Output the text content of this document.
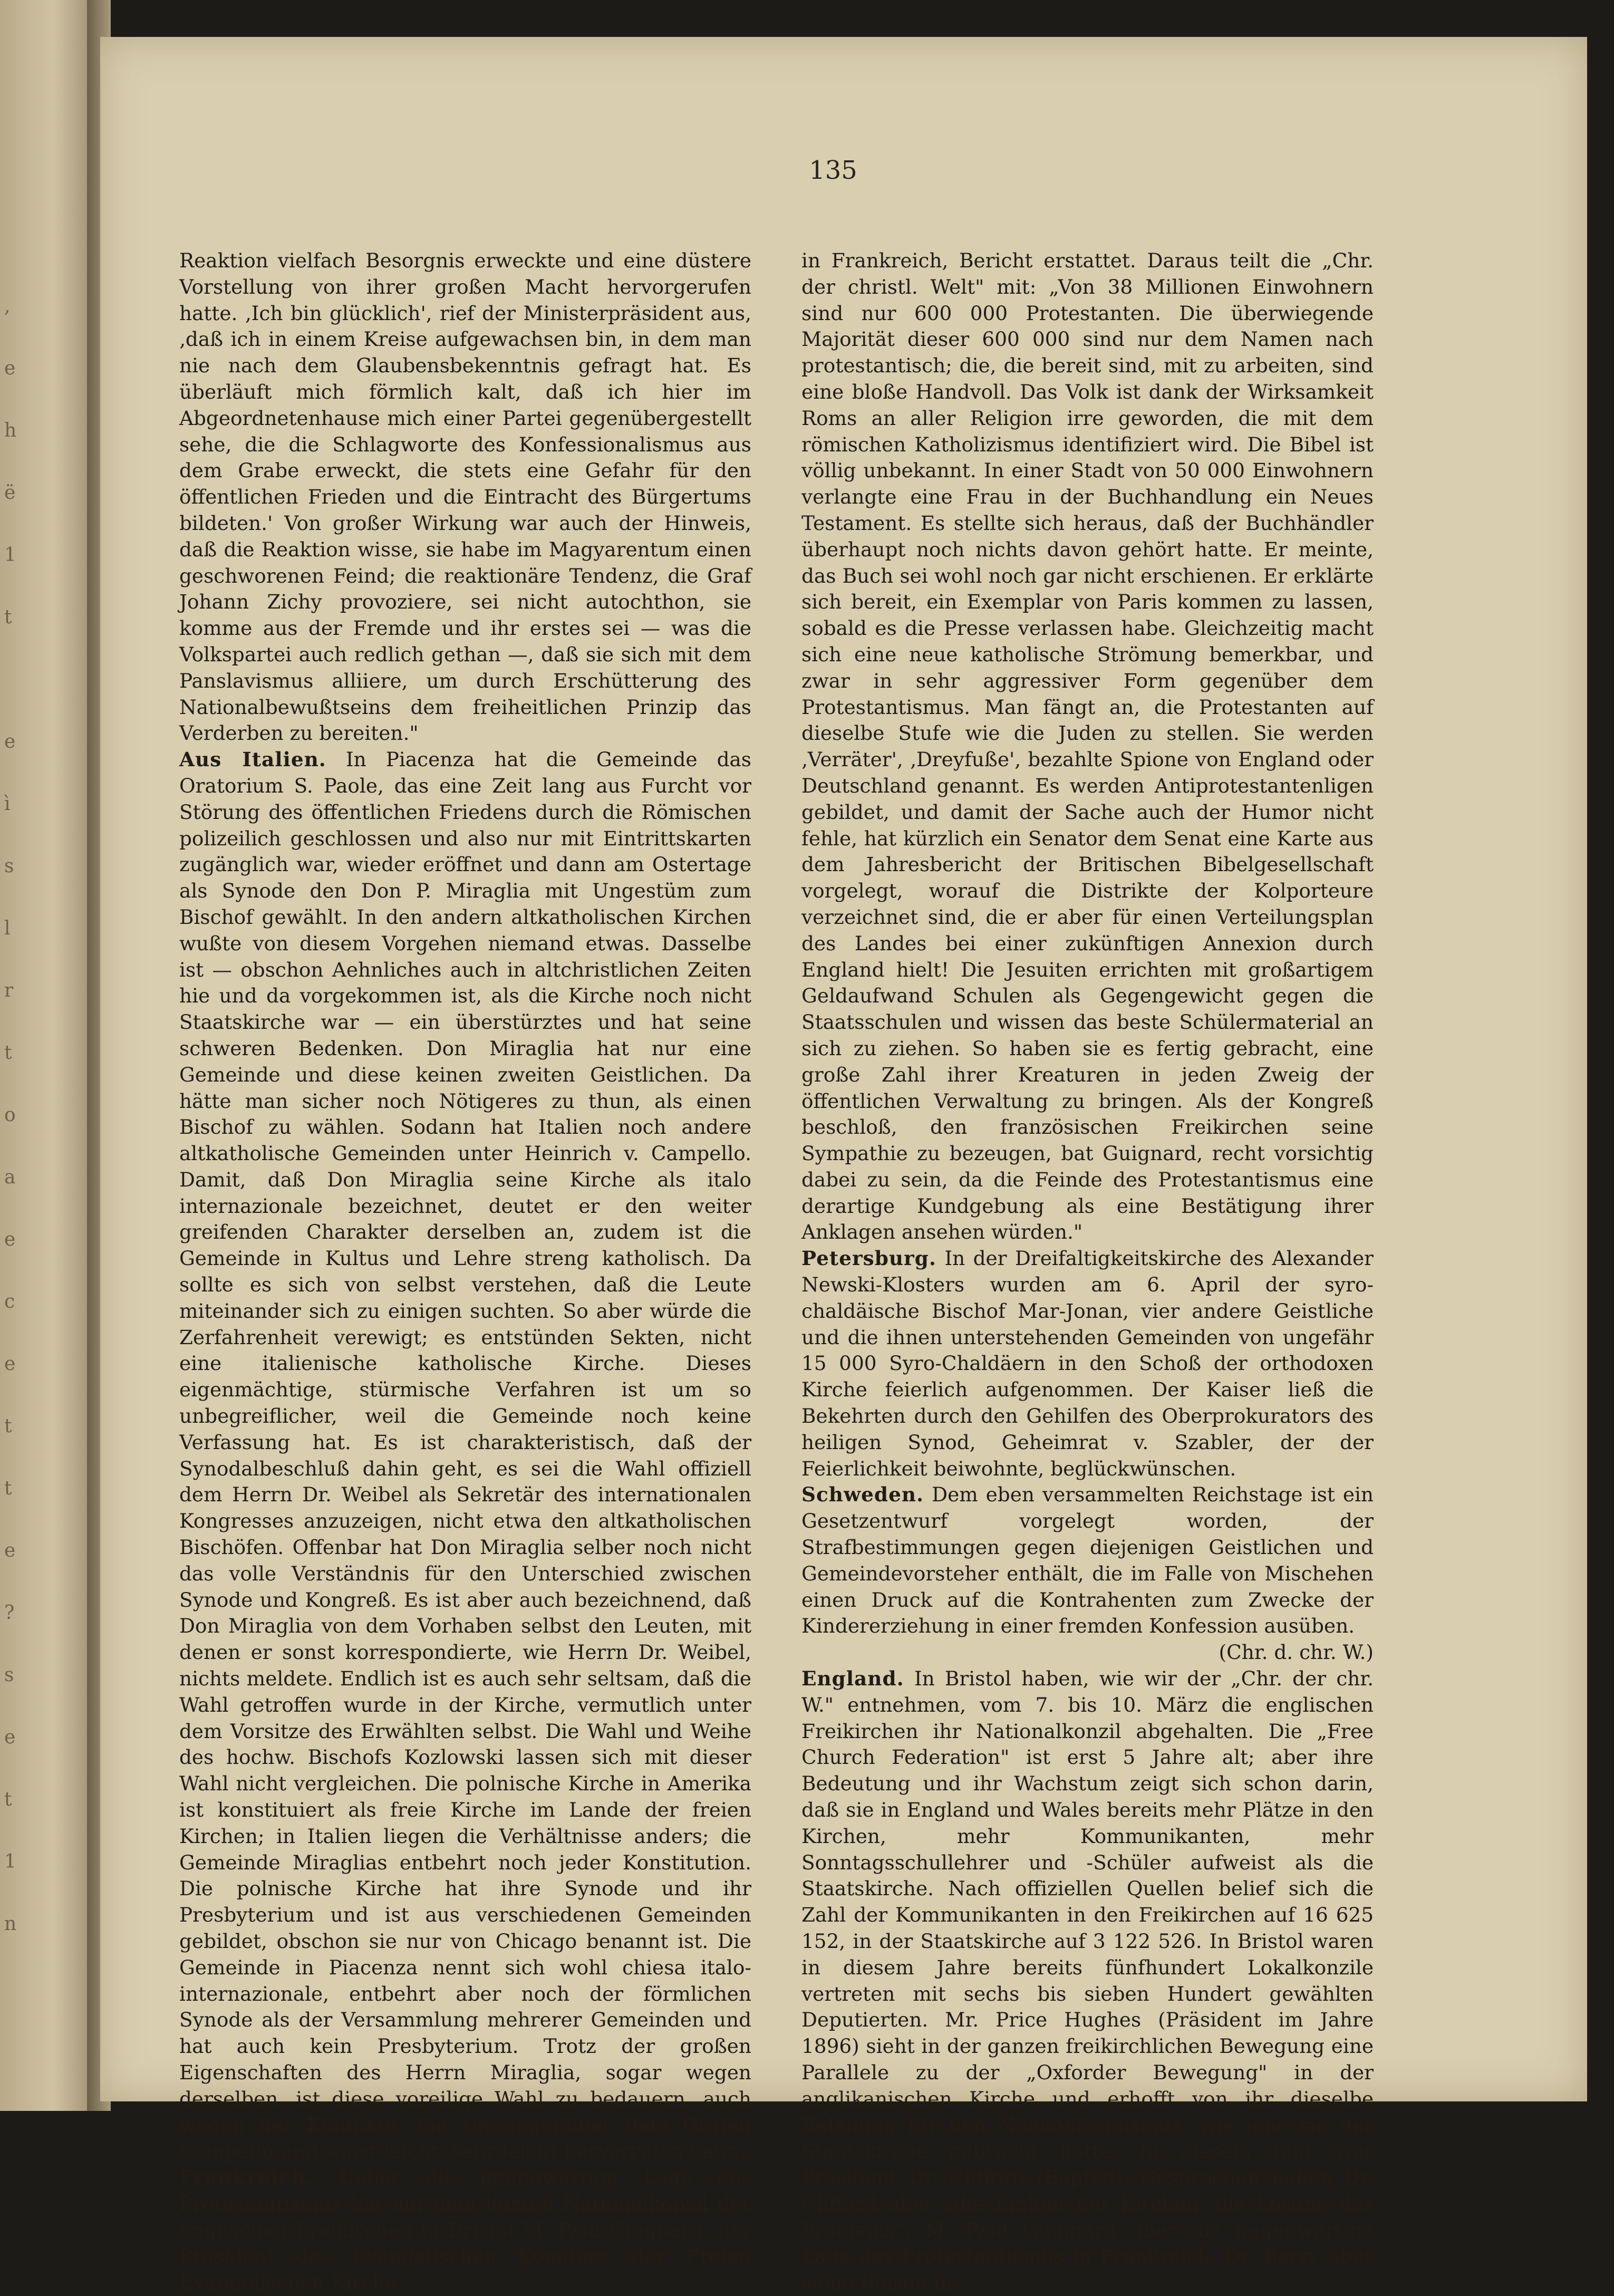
,
e
h
ë
1
t
e
ì
s
l
r
t
o
a
e
c
e
t
t
e
?
s
e
t
1
n
135

Reaktion vielfach Besorgnis erweckte und eine düstere Vorstellung von ihrer großen Macht hervorgerufen hatte. ‚Ich bin glücklich', rief der Ministerpräsident aus, ‚daß ich in einem Kreise aufgewachsen bin, in dem man nie nach dem Glaubensbekenntnis gefragt hat. Es überläuft mich förmlich kalt, daß ich hier im Abgeordnetenhause mich einer Partei gegenübergestellt sehe, die die Schlagworte des Konfessionalismus aus dem Grabe erweckt, die stets eine Gefahr für den öffentlichen Frieden und die Eintracht des Bürgertums bildeten.' Von großer Wirkung war auch der Hinweis, daß die Reaktion wisse, sie habe im Magyarentum einen geschworenen Feind; die reaktionäre Tendenz, die Graf Johann Zichy provoziere, sei nicht autochthon, sie komme aus der Fremde und ihr erstes sei — was die Volkspartei auch redlich gethan —, daß sie sich mit dem Panslavismus alliiere, um durch Erschütterung des Nationalbewußtseins dem freiheitlichen Prinzip das Verderben zu bereiten."

Aus Italien. In Piacenza hat die Gemeinde das Oratorium S. Paole, das eine Zeit lang aus Furcht vor Störung des öffentlichen Friedens durch die Römischen polizeilich geschlossen und also nur mit Eintrittskarten zugänglich war, wieder eröffnet und dann am Ostertage als Synode den Don P. Miraglia mit Ungestüm zum Bischof gewählt. In den andern altkatholischen Kirchen wußte von diesem Vorgehen niemand etwas. Dasselbe ist — obschon Aehnliches auch in altchristlichen Zeiten hie und da vorgekommen ist, als die Kirche noch nicht Staatskirche war — ein überstürztes und hat seine schweren Bedenken. Don Miraglia hat nur eine Gemeinde und diese keinen zweiten Geistlichen. Da hätte man sicher noch Nötigeres zu thun, als einen Bischof zu wählen. Sodann hat Italien noch andere altkatholische Gemeinden unter Heinrich v. Campello. Damit, daß Don Miraglia seine Kirche als italo internazionale bezeichnet, deutet er den weiter greifenden Charakter derselben an, zudem ist die Gemeinde in Kultus und Lehre streng katholisch. Da sollte es sich von selbst verstehen, daß die Leute miteinander sich zu einigen suchten. So aber würde die Zerfahrenheit verewigt; es entstünden Sekten, nicht eine italienische katholische Kirche. Dieses eigenmächtige, stürmische Verfahren ist um so unbegreiflicher, weil die Gemeinde noch keine Verfassung hat. Es ist charakteristisch, daß der Synodalbeschluß dahin geht, es sei die Wahl offiziell dem Herrn Dr. Weibel als Sekretär des internationalen Kongresses anzuzeigen, nicht etwa den altkatholischen Bischöfen. Offenbar hat Don Miraglia selber noch nicht das volle Verständnis für den Unterschied zwischen Synode und Kongreß. Es ist aber auch bezeichnend, daß Don Miraglia von dem Vorhaben selbst den Leuten, mit denen er sonst korrespondierte, wie Herrn Dr. Weibel, nichts meldete. Endlich ist es auch sehr seltsam, daß die Wahl getroffen wurde in der Kirche, vermutlich unter dem Vorsitze des Erwählten selbst. Die Wahl und Weihe des hochw. Bischofs Kozlowski lassen sich mit dieser Wahl nicht vergleichen. Die polnische Kirche in Amerika ist konstituiert als freie Kirche im Lande der freien Kirchen; in Italien liegen die Verhältnisse anders; die Gemeinde Miraglias entbehrt noch jeder Konstitution. Die polnische Kirche hat ihre Synode und ihr Presbyterium und ist aus verschiedenen Gemeinden gebildet, obschon sie nur von Chicago benannt ist. Die Gemeinde in Piacenza nennt sich wohl chiesa italo-internazionale, entbehrt aber noch der förmlichen Synode als der Versammlung mehrerer Gemeinden und hat auch kein Presbyterium. Trotz der großen Eigenschaften des Herrn Miraglia, sogar wegen derselben, ist diese voreilige Wahl zu bedauern, auch wegen der Konflikte, die sie gegenüber dem Grafen Campello und sonst leicht, sehr leicht hervorrufen kann.

Frankreich. Ueber die gegenwärtige Lage des Protestantismus hat auf dem letzten Nationalkonzil der englischen Freikirchen in Bristol M. Paul Guignard, der Präsident des Evangelischen Komitees der Freien Evangelischen Kirche

in Frankreich, Bericht erstattet. Daraus teilt die „Chr. der christl. Welt" mit: „Von 38 Millionen Einwohnern sind nur 600 000 Protestanten. Die überwiegende Majorität dieser 600 000 sind nur dem Namen nach protestantisch; die, die bereit sind, mit zu arbeiten, sind eine bloße Handvoll. Das Volk ist dank der Wirksamkeit Roms an aller Religion irre geworden, die mit dem römischen Katholizismus identifiziert wird. Die Bibel ist völlig unbekannt. In einer Stadt von 50 000 Einwohnern verlangte eine Frau in der Buchhandlung ein Neues Testament. Es stellte sich heraus, daß der Buchhändler überhaupt noch nichts davon gehört hatte. Er meinte, das Buch sei wohl noch gar nicht erschienen. Er erklärte sich bereit, ein Exemplar von Paris kommen zu lassen, sobald es die Presse verlassen habe. Gleichzeitig macht sich eine neue katholische Strömung bemerkbar, und zwar in sehr aggressiver Form gegenüber dem Protestantismus. Man fängt an, die Protestanten auf dieselbe Stufe wie die Juden zu stellen. Sie werden ‚Verräter', ‚Dreyfuße', bezahlte Spione von England oder Deutschland genannt. Es werden Antiprotestantenligen gebildet, und damit der Sache auch der Humor nicht fehle, hat kürzlich ein Senator dem Senat eine Karte aus dem Jahresbericht der Britischen Bibelgesellschaft vorgelegt, worauf die Distrikte der Kolporteure verzeichnet sind, die er aber für einen Verteilungsplan des Landes bei einer zukünftigen Annexion durch England hielt! Die Jesuiten errichten mit großartigem Geldaufwand Schulen als Gegengewicht gegen die Staatsschulen und wissen das beste Schülermaterial an sich zu ziehen. So haben sie es fertig gebracht, eine große Zahl ihrer Kreaturen in jeden Zweig der öffentlichen Verwaltung zu bringen. Als der Kongreß beschloß, den französischen Freikirchen seine Sympathie zu bezeugen, bat Guignard, recht vorsichtig dabei zu sein, da die Feinde des Protestantismus eine derartige Kundgebung als eine Bestätigung ihrer Anklagen ansehen würden."

Petersburg. In der Dreifaltigkeitskirche des Alexander Newski-Klosters wurden am 6. April der syro-chaldäische Bischof Mar-Jonan, vier andere Geistliche und die ihnen unterstehenden Gemeinden von ungefähr 15 000 Syro-Chaldäern in den Schoß der orthodoxen Kirche feierlich aufgenommen. Der Kaiser ließ die Bekehrten durch den Gehilfen des Oberprokurators des heiligen Synod, Geheimrat v. Szabler, der der Feierlichkeit beiwohnte, beglückwünschen.

Schweden. Dem eben versammelten Reichstage ist ein Gesetzentwurf vorgelegt worden, der Strafbestimmungen gegen diejenigen Geistlichen und Gemeindevorsteher enthält, die im Falle von Mischehen einen Druck auf die Kontrahenten zum Zwecke der Kindererziehung in einer fremden Konfession ausüben.
(Chr. d. chr. W.)

England. In Bristol haben, wie wir der „Chr. der chr. W." entnehmen, vom 7. bis 10. März die englischen Freikirchen ihr Nationalkonzil abgehalten. Die „Free Church Federation" ist erst 5 Jahre alt; aber ihre Bedeutung und ihr Wachstum zeigt sich schon darin, daß sie in England und Wales bereits mehr Plätze in den Kirchen, mehr Kommunikanten, mehr Sonntagsschullehrer und -Schüler aufweist als die Staatskirche. Nach offiziellen Quellen belief sich die Zahl der Kommunikanten in den Freikirchen auf 16 625 152, in der Staatskirche auf 3 122 526. In Bristol waren in diesem Jahre bereits fünfhundert Lokalkonzile vertreten mit sechs bis sieben Hundert gewählten Deputierten. Mr. Price Hughes (Präsident im Jahre 1896) sieht in der ganzen freikirchlichen Bewegung eine Parallele zu der „Oxforder Bewegung" in der anglikanischen Kirche und erhofft von ihr dieselbe Belebung für den Nonkonformismus, wie jene sie der Staatskirche gebracht hatte. In diesem Jahr war Präsident Dr. Clifford (Baptist). Gesprochen haben Dr. Clifford über „die Einheit der Kirchen: die Lösung des Problems", M. Paul Guignard über die gegenwärtige Lage des Protestantismus in Frankreich, Dr. Berry über seine Reisen in
